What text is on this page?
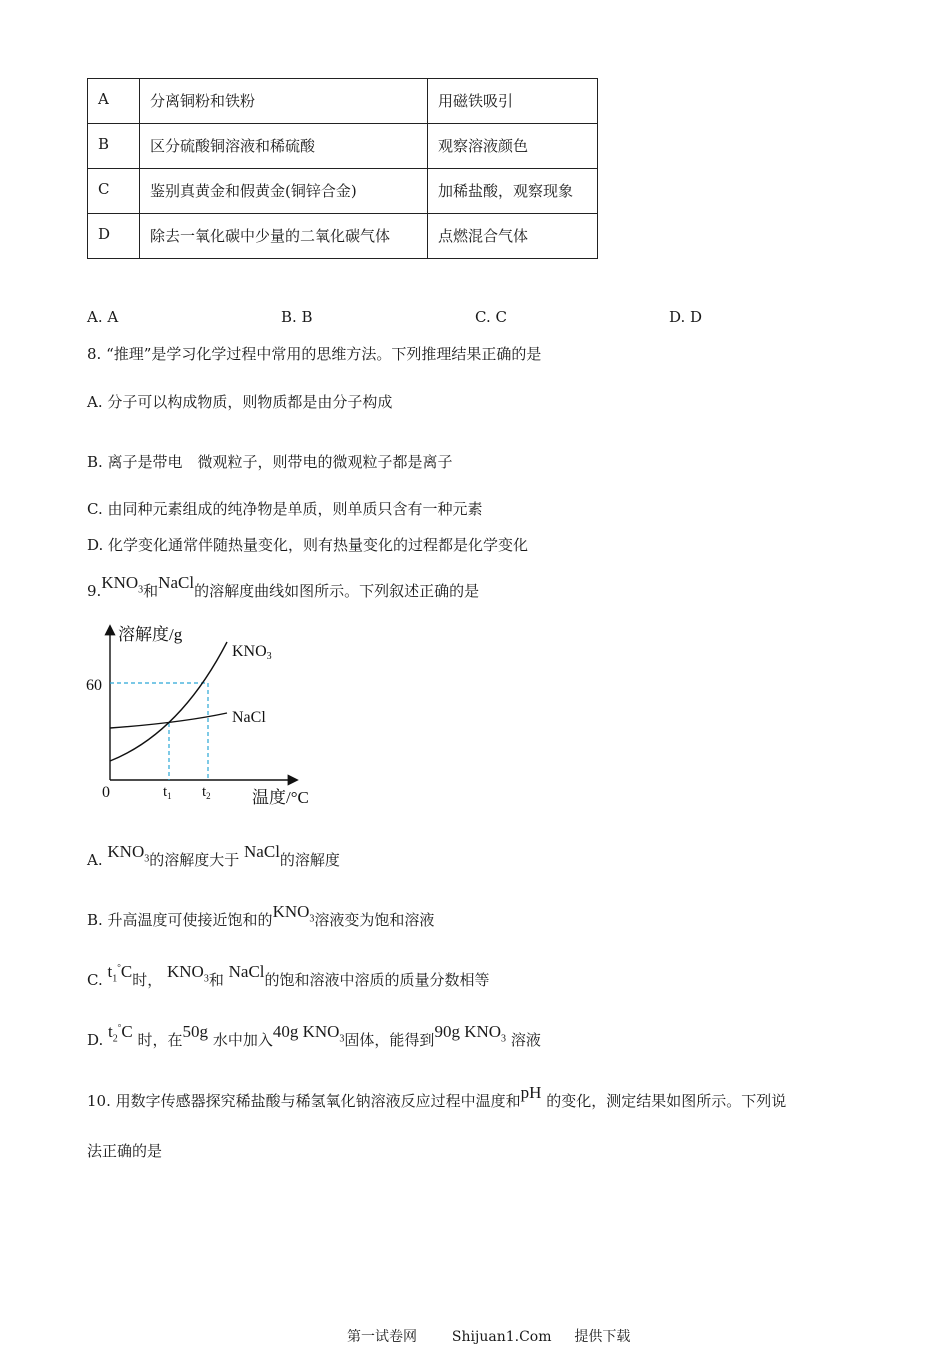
A	分离铜粉和铁粉	用磁铁吸引
B	区分硫酸铜溶液和稀硫酸	观察溶液颜色
C	鉴别真黄金和假黄金(铜锌合金)	加稀盐酸，观察现象
D	除去一氧化碳中少量的二氧化碳气体	点燃混合气体
A. A	B. B	C. C	D. D
8. “推理”是学习化学过程中常用的思维方法。下列推理结果正确的是
A. 分子可以构成物质，则物质都是由分子构成
B. 离子是带电　微观粒子，则带电的微观粒子都是离子
C. 由同种元素组成的纯净物是单质，则单质只含有一种元素
D. 化学变化通常伴随热量变化，则有热量变化的过程都是化学变化
$9.KNO_3$和NaCl的溶解度曲线如图所示。下列叙述正确的是
溶解度/g
温度/°C
0
60
$t_1$ $t_2$
KNO3
NaCl
A. $KNO_3$的溶解度大于 NaCl的溶解度
B. 升高温度可使接近饱和的$KNO_3$溶液变为饱和溶液
C. $t_1^\circ C$时， $KNO_3$和 NaCl的饱和溶液中溶质的质量分数相等
D. $t_2^\circ C$ 时，在50g 水中加入40g $KNO_3$固体，能得到90g $KNO_3$ 溶液
10. 用数字传感器探究稀盐酸与稀氢氧化钠溶液反应过程中温度和pH 的变化，测定结果如图所示。下列说
法正确的是
第一试卷网 Shijuan1.Com 提供下载
